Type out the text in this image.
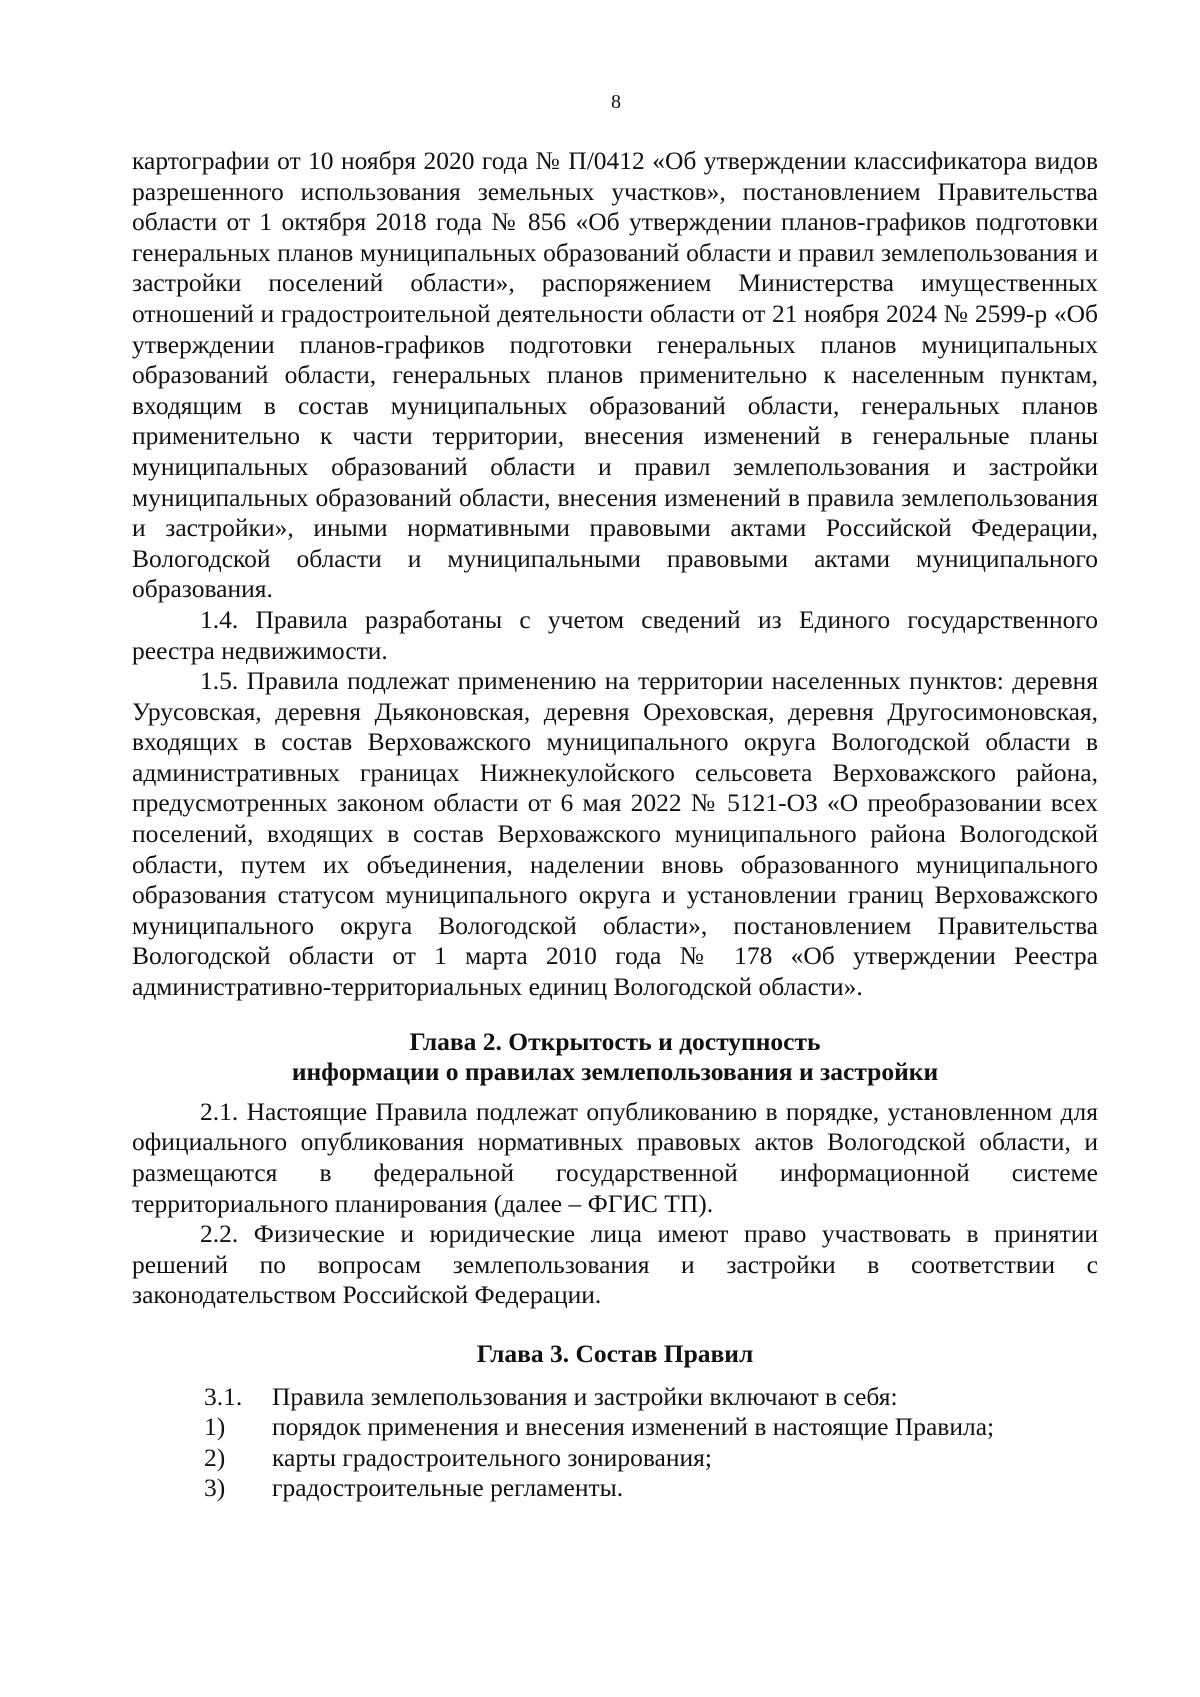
8

картографии от 10 ноября 2020 года № П/0412 «Об утверждении классификатора видов разрешенного использования земельных участков», постановлением Правительства области от 1 октября 2018 года № 856 «Об утверждении планов-графиков подготовки генеральных планов муниципальных образований области и правил землепользования и застройки поселений области», распоряжением Министерства имущественных отношений и градостроительной деятельности области от 21 ноября 2024 № 2599-р «Об утверждении планов-графиков подготовки генеральных планов муниципальных образований области, генеральных планов применительно к населенным пунктам, входящим в состав муниципальных образований области, генеральных планов применительно к части территории, внесения изменений в генеральные планы муниципальных образований области и правил землепользования и застройки муниципальных образований области, внесения изменений в правила землепользования и застройки», иными нормативными правовыми актами Российской Федерации, Вологодской области и муниципальными правовыми актами муниципального образования.

1.4. Правила разработаны с учетом сведений из Единого государственного реестра недвижимости.

1.5. Правила подлежат применению на территории населенных пунктов: деревня Урусовская, деревня Дьяконовская, деревня Ореховская, деревня Другосимоновская, входящих в состав Верховажского муниципального округа Вологодской области в административных границах Нижнекулойского сельсовета Верховажского района, предусмотренных законом области от 6 мая 2022 № 5121-ОЗ «О преобразовании всех поселений, входящих в состав Верховажского муниципального района Вологодской области, путем их объединения, наделении вновь образованного муниципального образования статусом муниципального округа и установлении границ Верховажского муниципального округа Вологодской области», постановлением Правительства Вологодской области от 1 марта 2010 года № 178 «Об утверждении Реестра административно-территориальных единиц Вологодской области».

Глава 2. Открытость и доступность
информации о правилах землепользования и застройки

2.1. Настоящие Правила подлежат опубликованию в порядке, установленном для официального опубликования нормативных правовых актов Вологодской области, и размещаются в федеральной государственной информационной системе территориального планирования (далее – ФГИС ТП).

2.2. Физические и юридические лица имеют право участвовать в принятии решений по вопросам землепользования и застройки в соответствии с законодательством Российской Федерации.

Глава 3. Состав Правил
3.1.	Правила землепользования и застройки включают в себя:
1)	порядок применения и внесения изменений в настоящие Правила;
2)	карты градостроительного зонирования;
3)	градостроительные регламенты.
